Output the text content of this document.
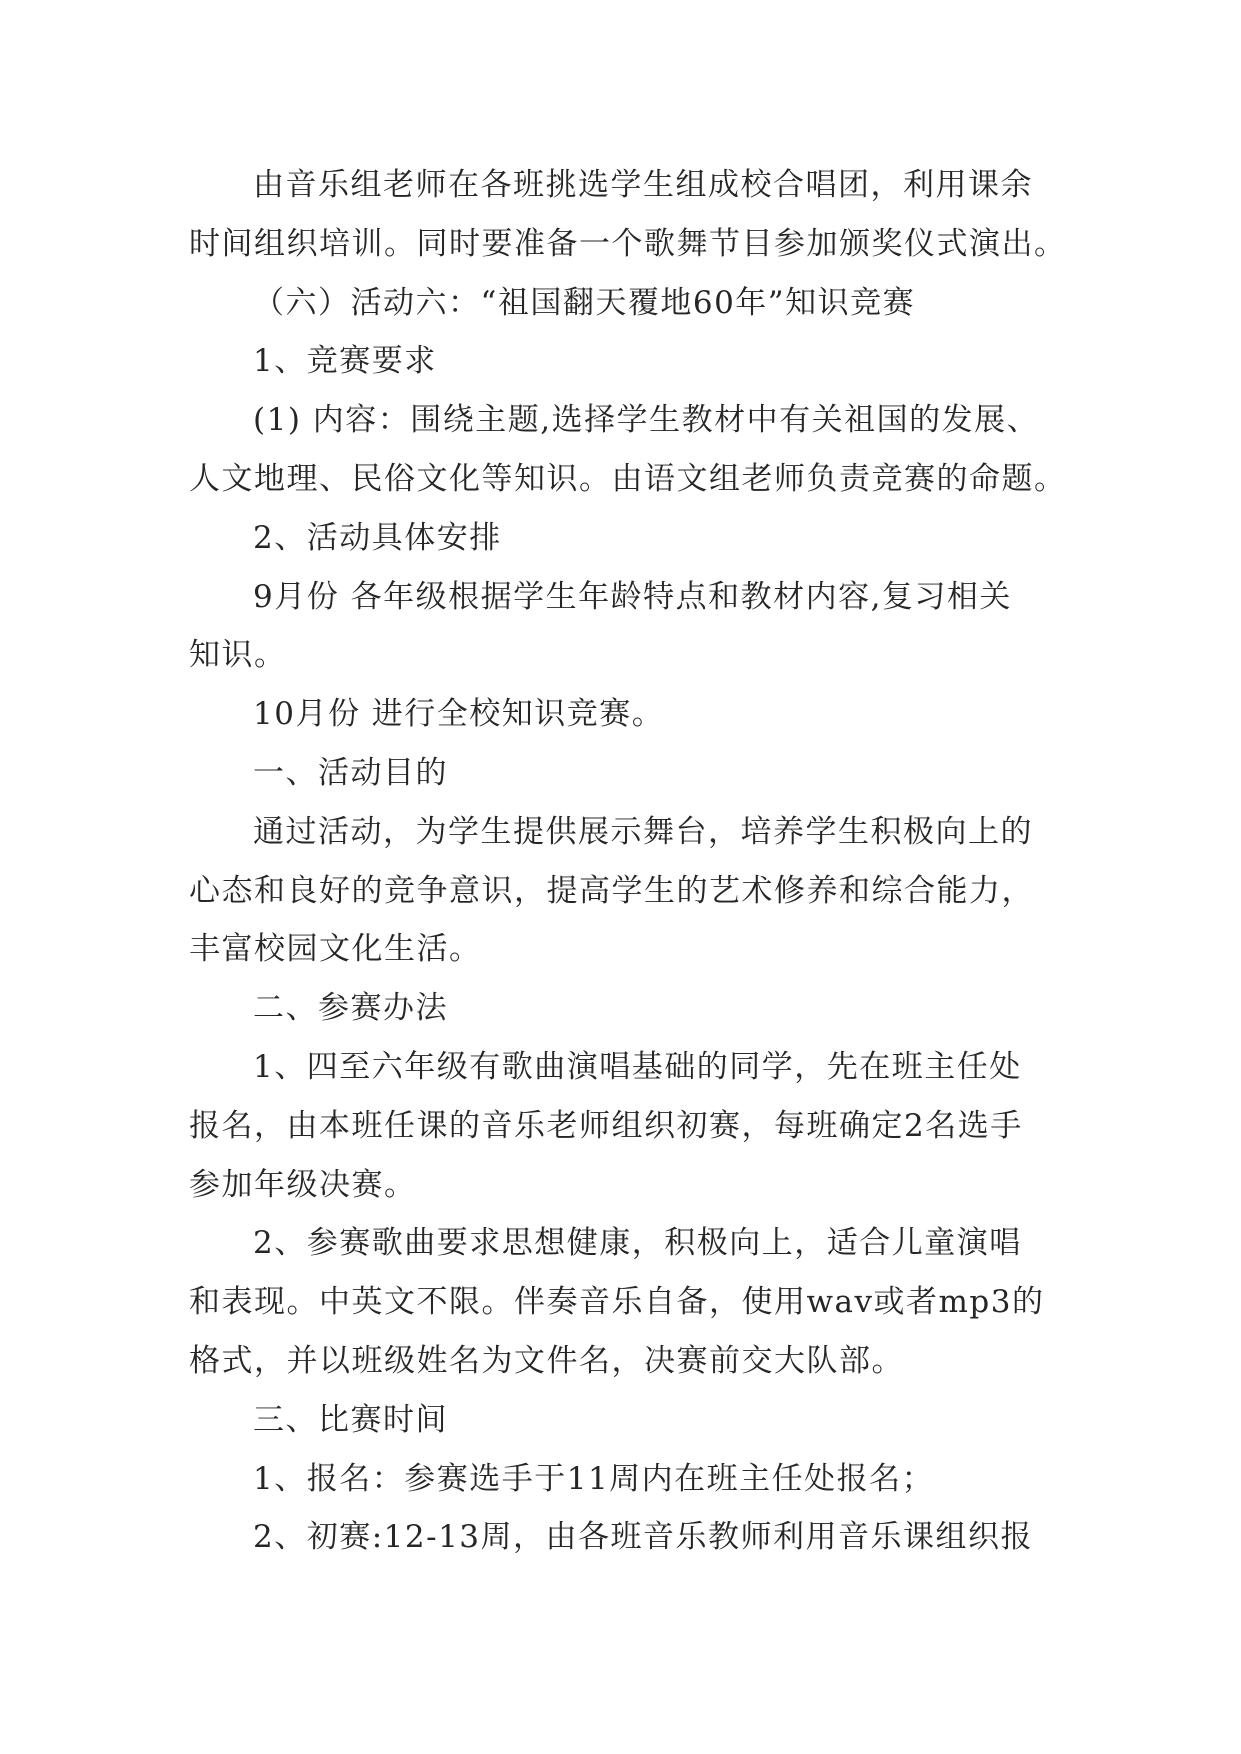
由音乐组老师在各班挑选学生组成校合唱团，利用课余
时间组织培训。同时要准备一个歌舞节目参加颁奖仪式演出。
（六）活动六：“祖国翻天覆地60年”知识竞赛
1、竞赛要求
(1) 内容：围绕主题,选择学生教材中有关祖国的发展、
人文地理、民俗文化等知识。由语文组老师负责竞赛的命题。
2、活动具体安排
9月份 各年级根据学生年龄特点和教材内容,复习相关
知识。
10月份 进行全校知识竞赛。
一、活动目的
通过活动，为学生提供展示舞台，培养学生积极向上的
心态和良好的竞争意识，提高学生的艺术修养和综合能力，
丰富校园文化生活。
二、参赛办法
1、四至六年级有歌曲演唱基础的同学，先在班主任处
报名，由本班任课的音乐老师组织初赛，每班确定2名选手
参加年级决赛。
2、参赛歌曲要求思想健康，积极向上，适合儿童演唱
和表现。中英文不限。伴奏音乐自备，使用wav或者mp3的
格式，并以班级姓名为文件名，决赛前交大队部。
三、比赛时间
1、报名：参赛选手于11周内在班主任处报名；
2、初赛:12-13周，由各班音乐教师利用音乐课组织报
